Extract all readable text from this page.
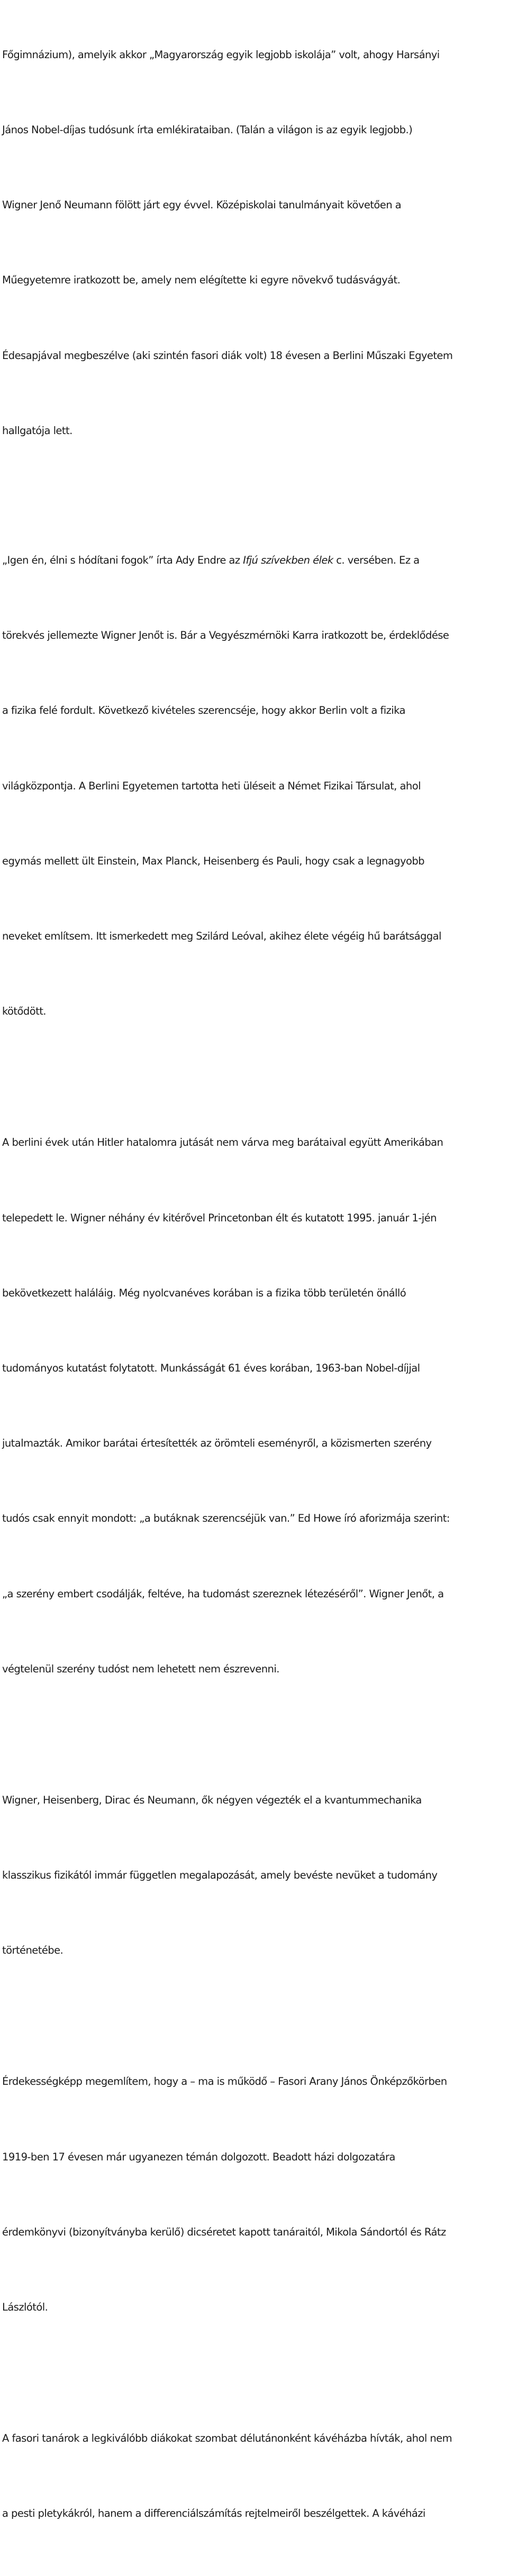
Főgimnázium), amelyik akkor „Magyarország egyik legjobb iskolája” volt, ahogy Harsányi

János Nobel-díjas tudósunk írta emlékirataiban. (Talán a világon is az egyik legjobb.)

Wigner Jenő Neumann fölött járt egy évvel. Középiskolai tanulmányait követően a

Műegyetemre iratkozott be, amely nem elégítette ki egyre növekvő tudásvágyát.

Édesapjával megbeszélve (aki szintén fasori diák volt) 18 évesen a Berlini Műszaki Egyetem

hallgatója lett.

„Igen én, élni s hódítani fogok” írta Ady Endre az Ifjú szívekben élek c. versében. Ez a

törekvés jellemezte Wigner Jenőt is. Bár a Vegyészmérnöki Karra iratkozott be, érdeklődése

a fizika felé fordult. Következő kivételes szerencséje, hogy akkor Berlin volt a fizika

világközpontja. A Berlini Egyetemen tartotta heti üléseit a Német Fizikai Társulat, ahol

egymás mellett ült Einstein, Max Planck, Heisenberg és Pauli, hogy csak a legnagyobb

neveket említsem. Itt ismerkedett meg Szilárd Leóval, akihez élete végéig hű barátsággal

kötődött.

A berlini évek után Hitler hatalomra jutását nem várva meg barátaival együtt Amerikában

telepedett le. Wigner néhány év kitérővel Princetonban élt és kutatott 1995. január 1-jén

bekövetkezett haláláig. Még nyolcvanéves korában is a fizika több területén önálló

tudományos kutatást folytatott. Munkásságát 61 éves korában, 1963-ban Nobel-díjjal

jutalmazták. Amikor barátai értesítették az örömteli eseményről, a közismerten szerény

tudós csak ennyit mondott: „a butáknak szerencséjük van.” Ed Howe író aforizmája szerint:

„a szerény embert csodálják, feltéve, ha tudomást szereznek létezéséről”. Wigner Jenőt, a

végtelenül szerény tudóst nem lehetett nem észrevenni.

Wigner, Heisenberg, Dirac és Neumann, ők négyen végezték el a kvantummechanika

klasszikus fizikától immár független megalapozását, amely bevéste nevüket a tudomány

történetébe.

Érdekességképp megemlítem, hogy a – ma is működő – Fasori Arany János Önképzőkörben

1919-ben 17 évesen már ugyanezen témán dolgozott. Beadott házi dolgozatára

érdemkönyvi (bizonyítványba kerülő) dicséretet kapott tanáraitól, Mikola Sándortól és Rátz

Lászlótól.

A fasori tanárok a legkiválóbb diákokat szombat délutánonként kávéházba hívták, ahol nem

a pesti pletykákról, hanem a differenciálszámítás rejtelmeiről beszélgettek. A kávéházi
